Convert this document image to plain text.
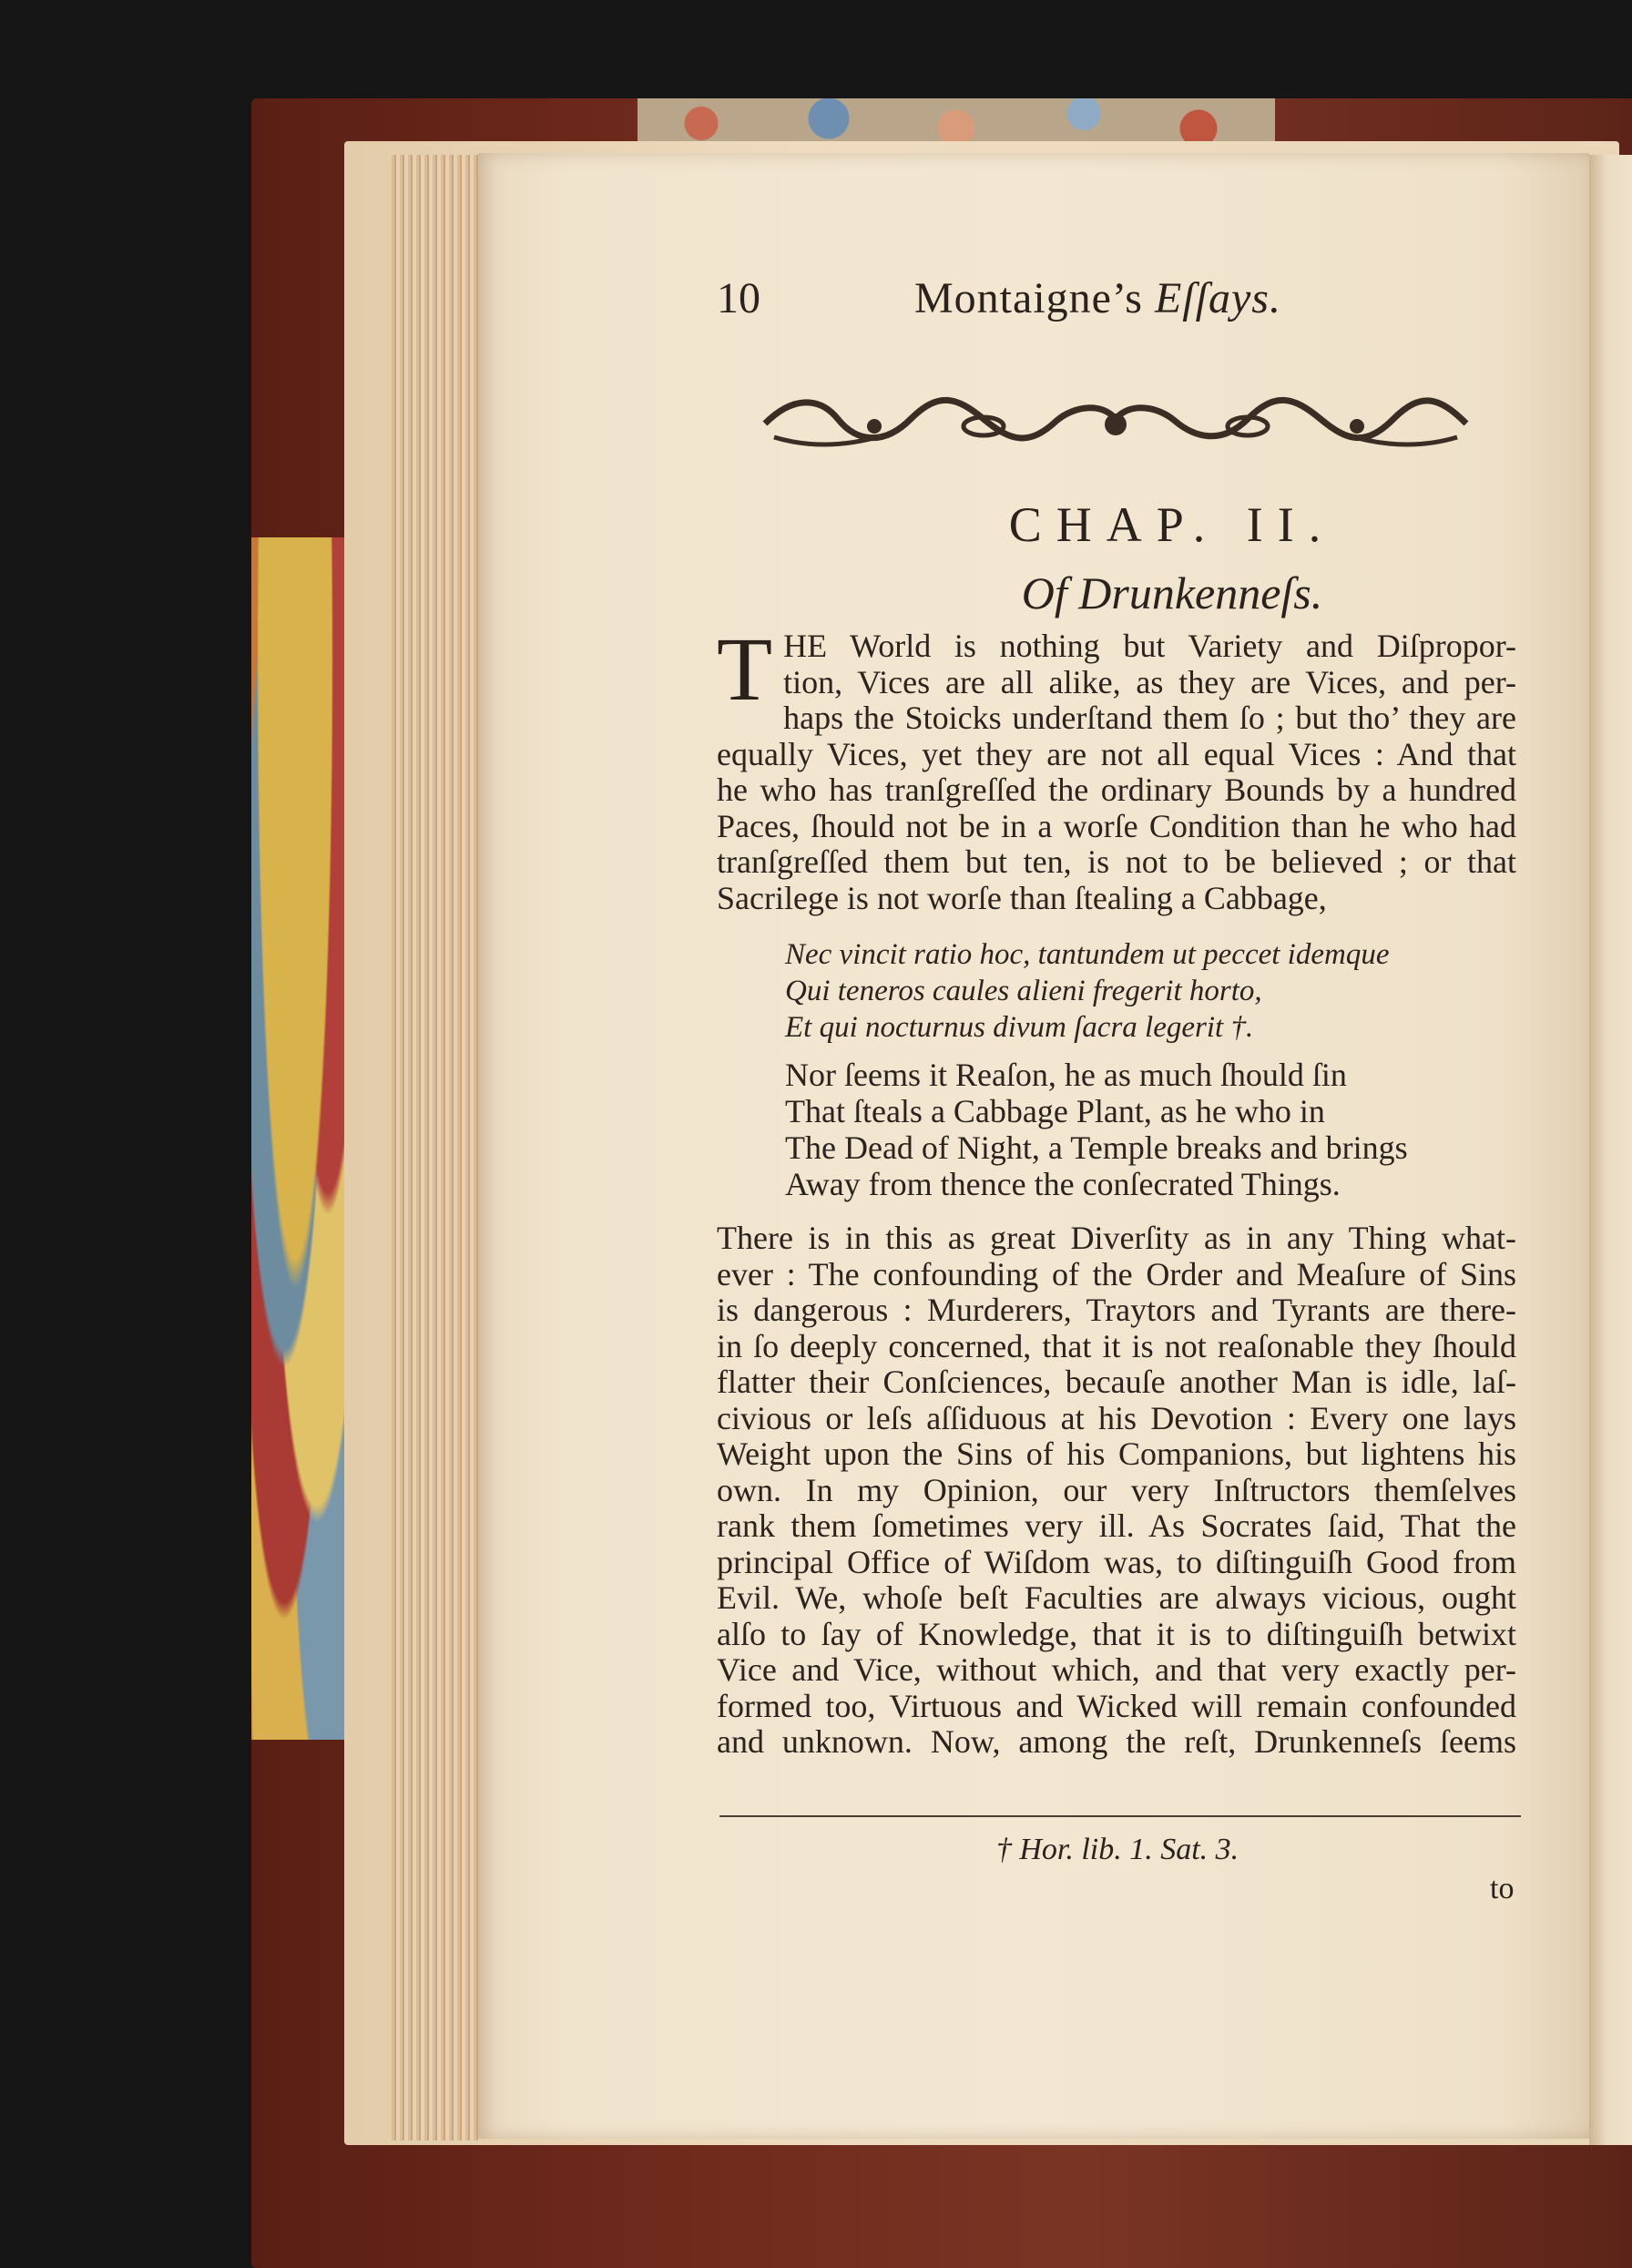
10	Montaigne’s Eſſays.
CHAP. II.
Of Drunkenneſs.
T HE World is nothing but Variety and Diſpropor-
tion, Vices are all alike, as they are Vices, and per-
haps the Stoicks underſtand them ſo ; but tho’ they are
equally Vices, yet they are not all equal Vices : And that
he who has tranſgreſſed the ordinary Bounds by a hundred
Paces, ſhould not be in a worſe Condition than he who had
tranſgreſſed them but ten, is not to be believed ; or that
Sacrilege is not worſe than ſtealing a Cabbage,
Nec vincit ratio hoc, tantundem ut peccet idemque
Qui teneros caules alieni fregerit horto,
Et qui nocturnus divum ſacra legerit †.
Nor ſeems it Reaſon, he as much ſhould ſin
That ſteals a Cabbage Plant, as he who in
The Dead of Night, a Temple breaks and brings
Away from thence the conſecrated Things.
There is in this as great Diverſity as in any Thing what-
ever : The confounding of the Order and Meaſure of Sins
is dangerous : Murderers, Traytors and Tyrants are there-
in ſo deeply concerned, that it is not reaſonable they ſhould
flatter their Conſciences, becauſe another Man is idle, laſ-
civious or leſs aſſiduous at his Devotion : Every one lays
Weight upon the Sins of his Companions, but lightens his
own. In my Opinion, our very Inſtructors themſelves
rank them ſometimes very ill. As Socrates ſaid, That the
principal Office of Wiſdom was, to diſtinguiſh Good from
Evil. We, whoſe beſt Faculties are always vicious, ought
alſo to ſay of Knowledge, that it is to diſtinguiſh betwixt
Vice and Vice, without which, and that very exactly per-
formed too, Virtuous and Wicked will remain confounded
and unknown. Now, among the reſt, Drunkenneſs ſeems
† Hor. lib. 1. Sat. 3.
to
